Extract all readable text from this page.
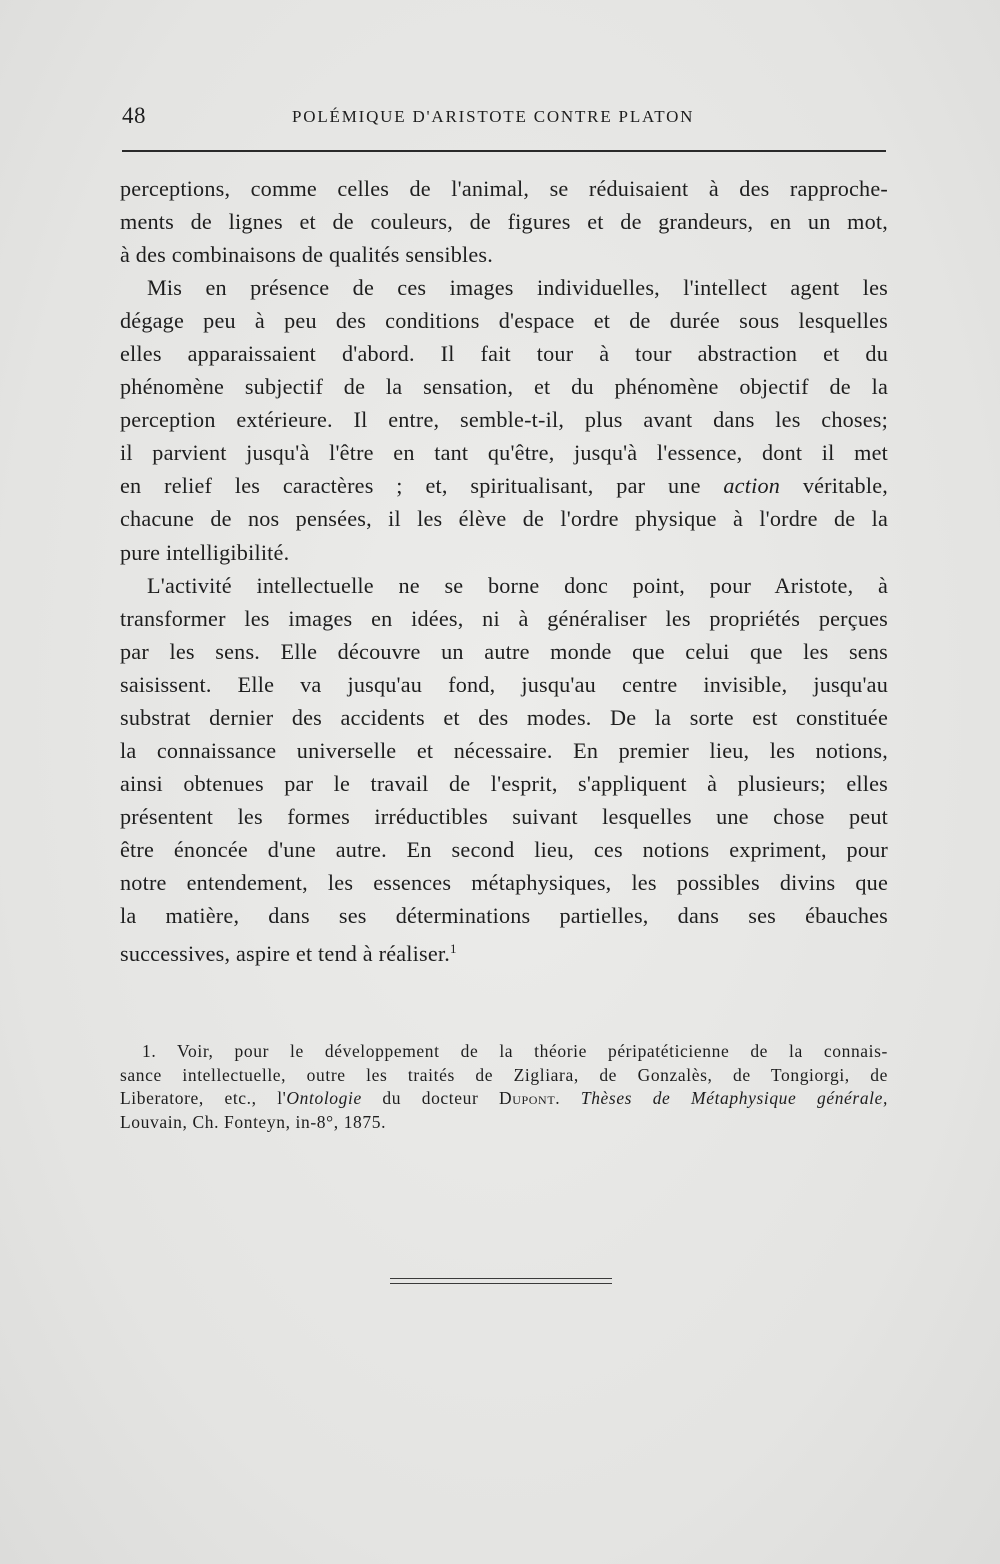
48	POLÉMIQUE D'ARISTOTE CONTRE PLATON
perceptions, comme celles de l'animal, se réduisaient à des rapproche-
ments de lignes et de couleurs, de figures et de grandeurs, en un mot,
à des combinaisons de qualités sensibles.
Mis en présence de ces images individuelles, l'intellect agent les
dégage peu à peu des conditions d'espace et de durée sous lesquelles
elles apparaissaient d'abord. Il fait tour à tour abstraction et du
phénomène subjectif de la sensation, et du phénomène objectif de la
perception extérieure. Il entre, semble-t-il, plus avant dans les choses;
il parvient jusqu'à l'être en tant qu'être, jusqu'à l'essence, dont il met
en relief les caractères ; et, spiritualisant, par une action véritable,
chacune de nos pensées, il les élève de l'ordre physique à l'ordre de la
pure intelligibilité.
L'activité intellectuelle ne se borne donc point, pour Aristote, à
transformer les images en idées, ni à généraliser les propriétés perçues
par les sens. Elle découvre un autre monde que celui que les sens
saisissent. Elle va jusqu'au fond, jusqu'au centre invisible, jusqu'au
substrat dernier des accidents et des modes. De la sorte est constituée
la connaissance universelle et nécessaire. En premier lieu, les notions,
ainsi obtenues par le travail de l'esprit, s'appliquent à plusieurs; elles
présentent les formes irréductibles suivant lesquelles une chose peut
être énoncée d'une autre. En second lieu, ces notions expriment, pour
notre entendement, les essences métaphysiques, les possibles divins que
la matière, dans ses déterminations partielles, dans ses ébauches
successives, aspire et tend à réaliser.$^1$
1. Voir, pour le développement de la théorie péripatéticienne de la connais-
sance intellectuelle, outre les traités de Zigliara, de Gonzalès, de Tongiorgi, de
Liberatore, etc., l'Ontologie du docteur Dupont. Thèses de Métaphysique générale,
Louvain, Ch. Fonteyn, in-8°, 1875.
